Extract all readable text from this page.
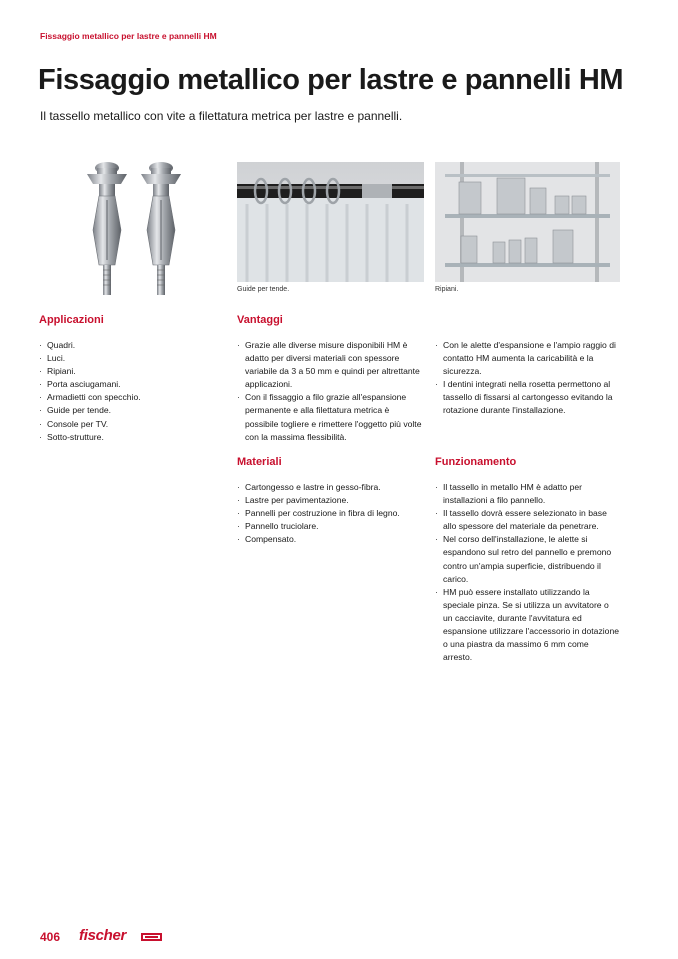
Fissaggio metallico per lastre e pannelli HM
Fissaggio metallico per lastre e pannelli HM
Il tassello metallico con vite a filettatura metrica per lastre e pannelli.
Guide per tende.	Ripiani.
Applicazioni
· Quadri.
· Luci.
· Ripiani.
· Porta asciugamani.
· Armadietti con specchio.
· Guide per tende.
· Console per TV.
· Sotto-strutture.
Vantaggi
· Grazie alle diverse misure disponibili HM è adatto per diversi materiali con spessore variabile da 3 a 50 mm e quindi per altrettante applicazioni.
· Con il fissaggio a filo grazie all'espansione permanente e alla filettatura metrica è possibile togliere e rimettere l'oggetto più volte con la massima flessibilità.
· Con le alette d'espansione e l'ampio raggio di contatto HM aumenta la caricabilità e la sicurezza.
· I dentini integrati nella rosetta permettono al tassello di fissarsi al cartongesso evitando la rotazione durante l'installazione.
Materiali
· Cartongesso e lastre in gesso-fibra.
· Lastre per pavimentazione.
· Pannelli per costruzione in fibra di legno.
· Pannello truciolare.
· Compensato.
Funzionamento
· Il tassello in metallo HM è adatto per installazioni a filo pannello.
· Il tassello dovrà essere selezionato in base allo spessore del materiale da penetrare.
· Nel corso dell'installazione, le alette si espandono sul retro del pannello e premono contro un'ampia superficie, distribuendo il carico.
· HM può essere installato utilizzando la speciale pinza. Se si utilizza un avvitatore o un cacciavite, durante l'avvitatura ed espansione utilizzare l'accessorio in dotazione o una piastra da massimo 6 mm come arresto.
406 fischer
